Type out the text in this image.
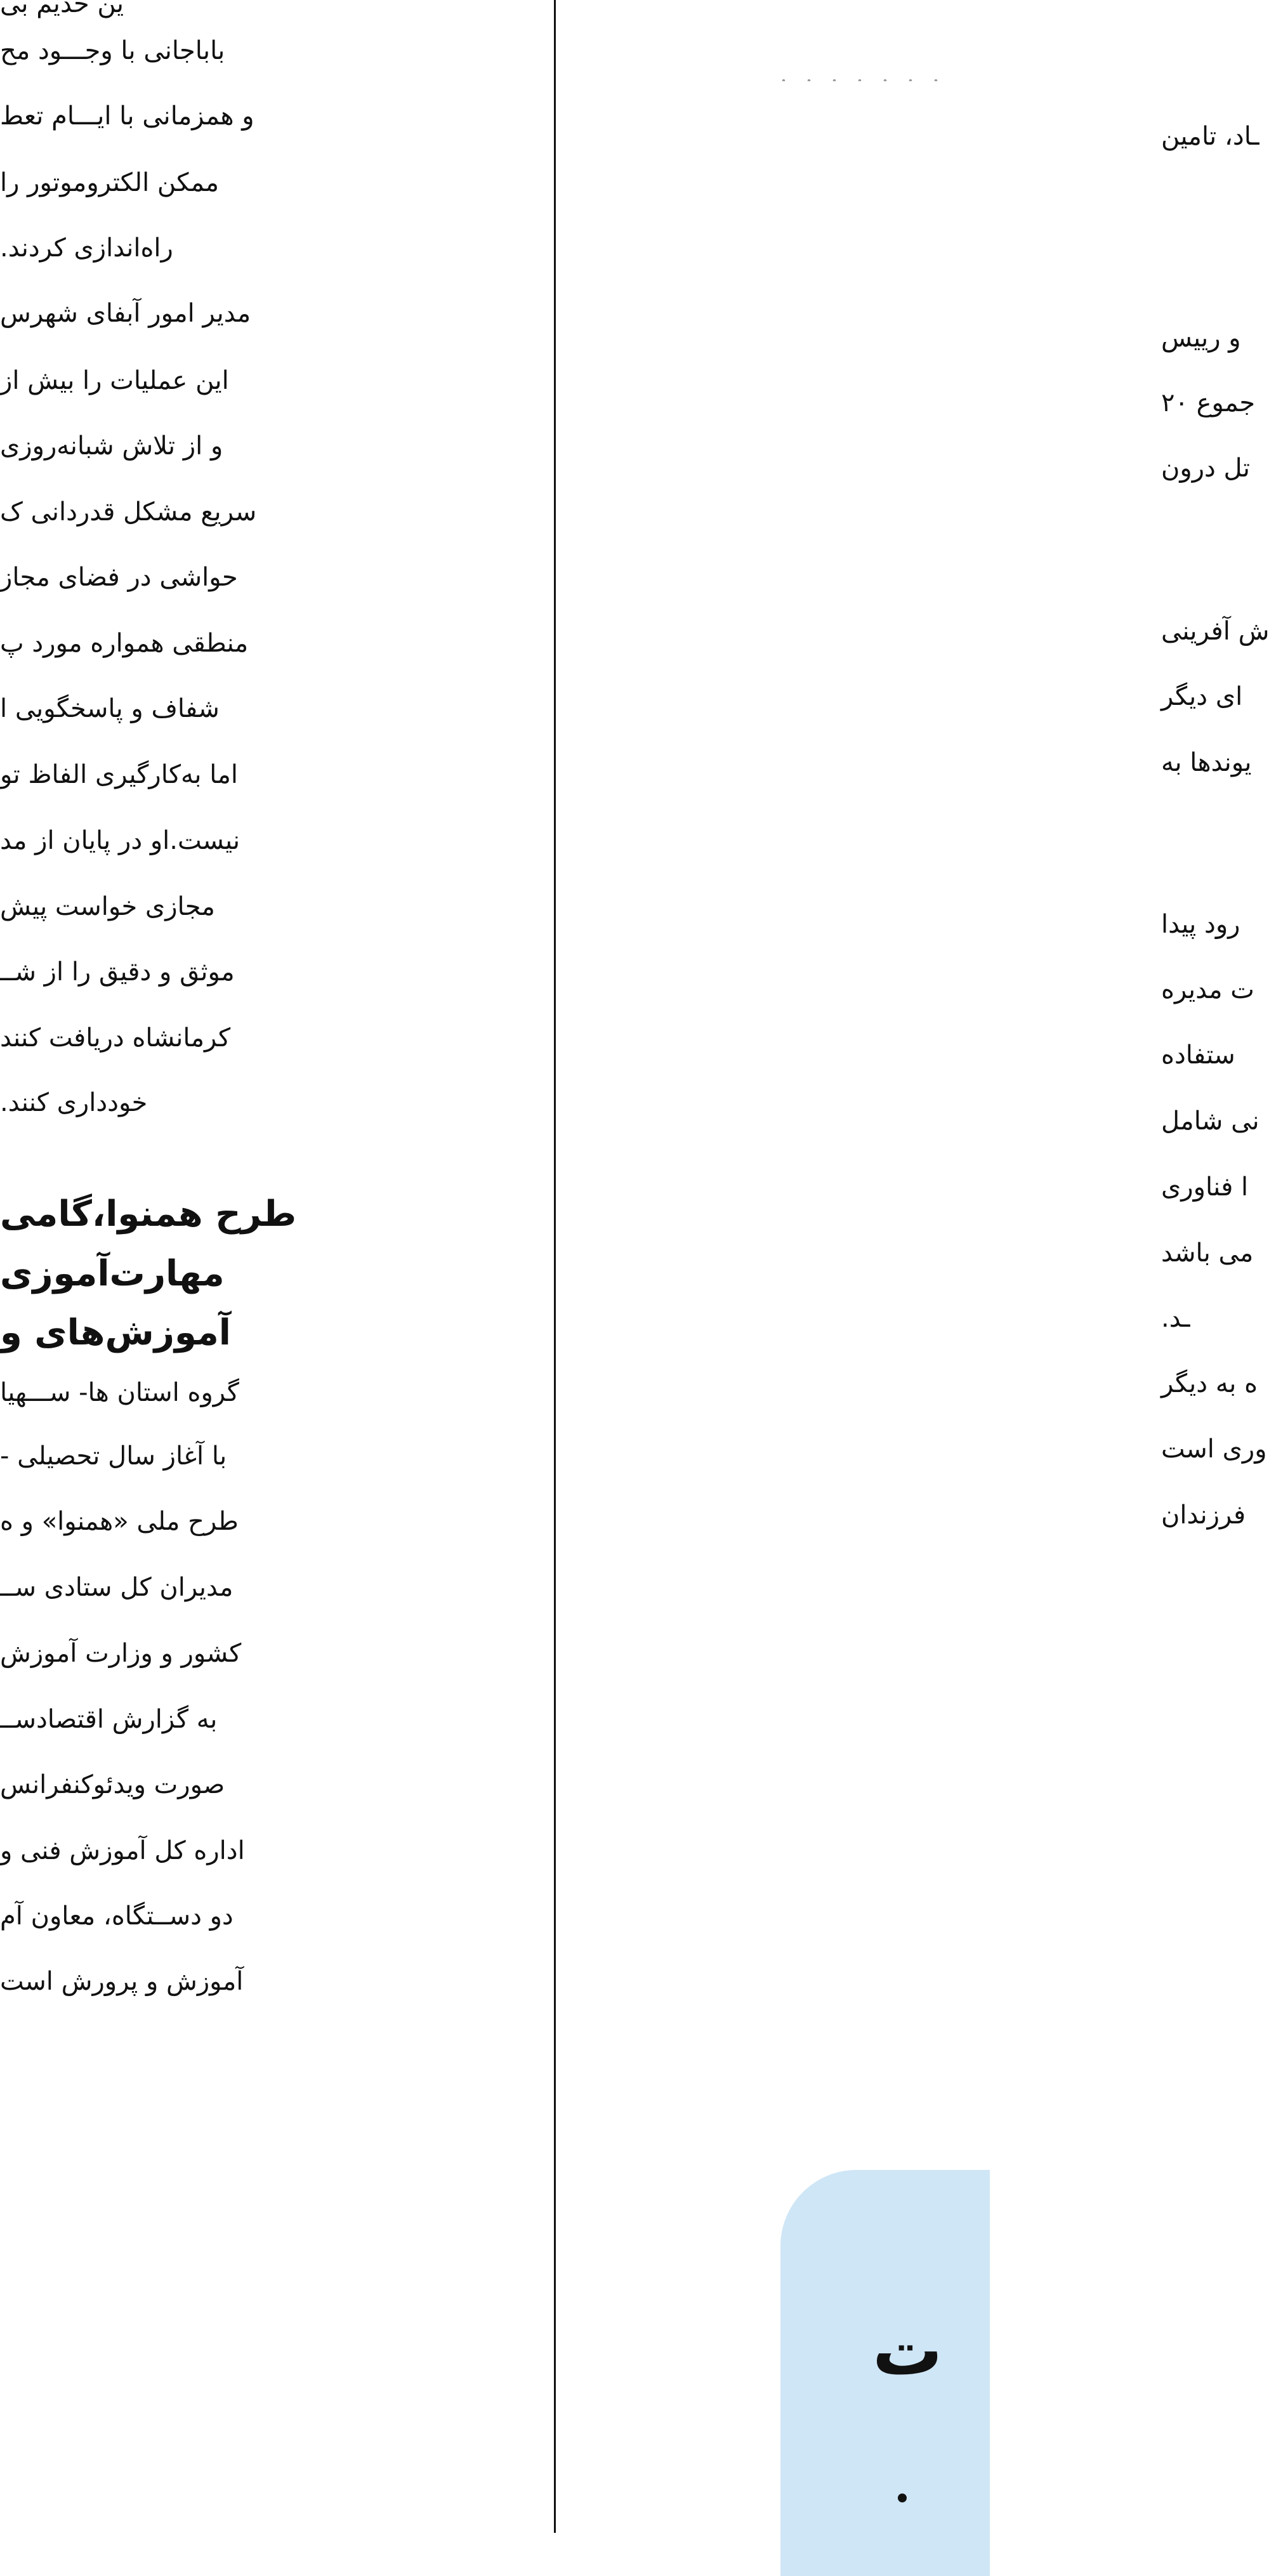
ین حدیم بی
باباجانی با وجـــود مح
و همزمانی با ایـــام تعط
ممکن الکتروموتور را
راه‌اندازی کردند.
مدیر امور آبفای شهرس
این عملیات را بیش از
و از تلاش شبانه‌روزی
سریع مشکل قدردانی ک
حواشی در فضای مجاز
منطقی همواره مورد پ
شفاف و پاسخگویی ا
اما به‌کارگیری الفاظ تو
نیست.او در پایان از مد
مجازی خواست پیش
موثق و دقیق را از شــ
کرمانشاه دریافت کنند
خودداری کنند.
طرح همنوا،گامی
مهارت‌آموزی
آموزش‌های و
گروه استان ها- ســـهیا
با آغاز سال تحصیلی -
طرح ملی «همنوا» و ه
مدیران کل ستادی ســ
کشور و وزارت آموزش
به گزارش اقتصادســ
صورت ویدئوکنفرانس
اداره کل آموزش فنی و
دو دســتگاه، معاون آم
آموزش و پرورش است
ـاد، تامین
و رییس
جموع ۲۰
تل درون
ش آفرینی
ای دیگر
یوندها به
رود پیدا
ت مدیره
ستفاده
نی شامل
ا فناوری
می باشد
ـد.
ه به دیگر
وری است
فرزندان
ت
